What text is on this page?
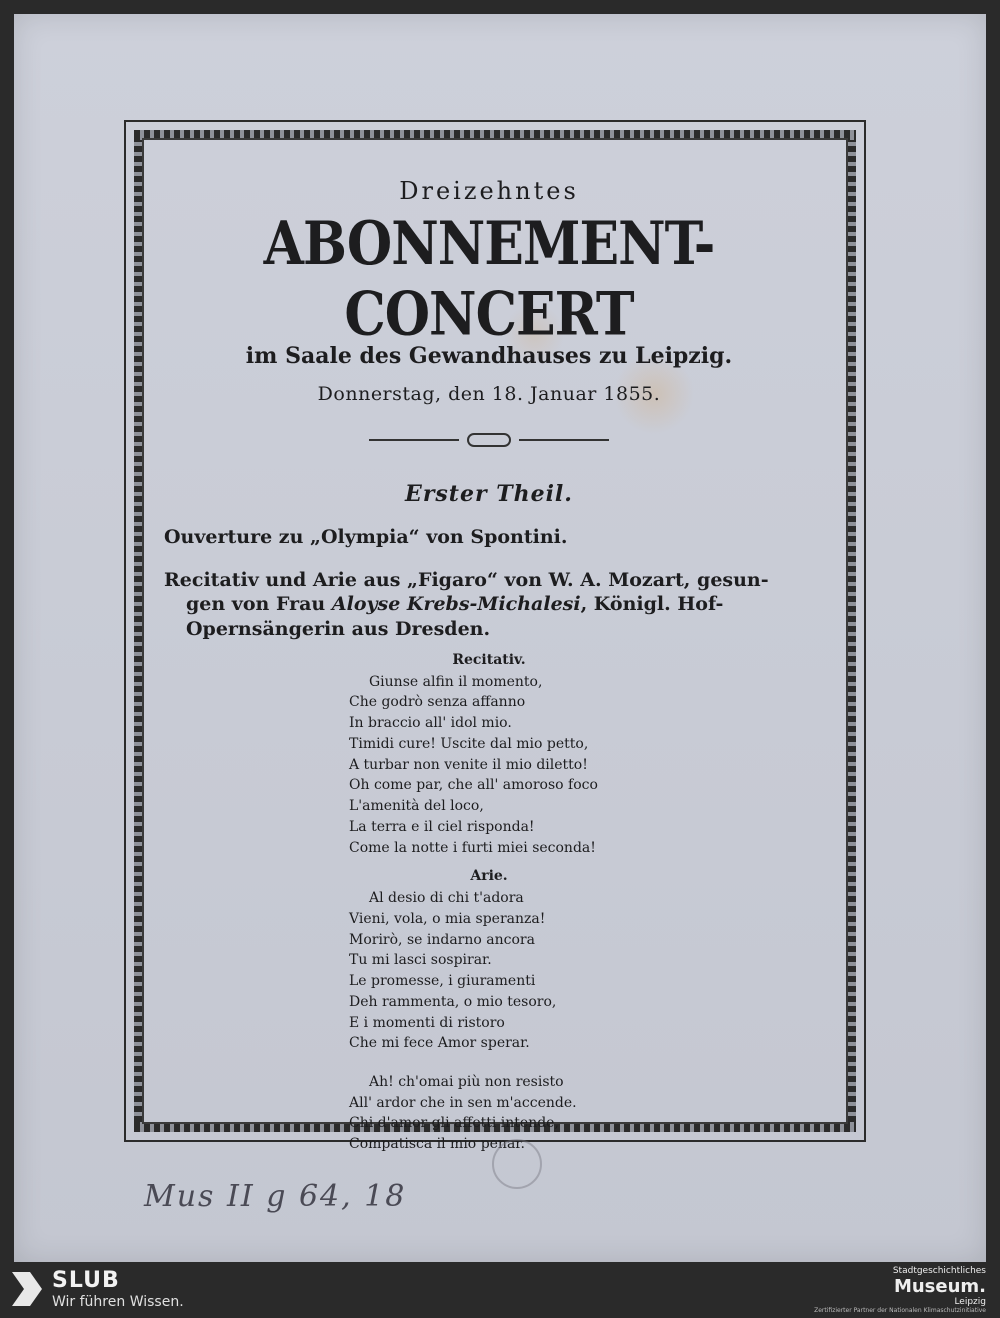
Dreizehntes
ABONNEMENT-CONCERT
im Saale des Gewandhauses zu Leipzig.
Donnerstag, den 18. Januar 1855.
Erster Theil.
Ouverture zu „Olympia“ von Spontini.
Recitativ und Arie aus „Figaro“ von W. A. Mozart, gesun-
gen von Frau Aloyse Krebs-Michalesi, Königl. Hof-
Opernsängerin aus Dresden.
Recitativ.
Giunse alfin il momento,
Che godrò senza affanno
In braccio all' idol mio.
Timidi cure! Uscite dal mio petto,
A turbar non venite il mio diletto!
Oh come par, che all' amoroso foco
L'amenità del loco,
La terra e il ciel risponda!
Come la notte i furti miei seconda!
Arie.
Al desio di chi t'adora
Vieni, vola, o mia speranza!
Morirò, se indarno ancora
Tu mi lasci sospirar.
Le promesse, i giuramenti
Deh rammenta, o mio tesoro,
E i momenti di ristoro
Che mi fece Amor sperar.
Ah! ch'omai più non resisto
All' ardor che in sen m'accende.
Chi d'amor gli affetti intende,
Compatisca il mio penar.
Mus II g 64, 18
SLUB
Wir führen Wissen.
Stadtgeschichtliches
Museum.
Leipzig
Zertifizierter Partner der Nationalen Klimaschutzinitiative
